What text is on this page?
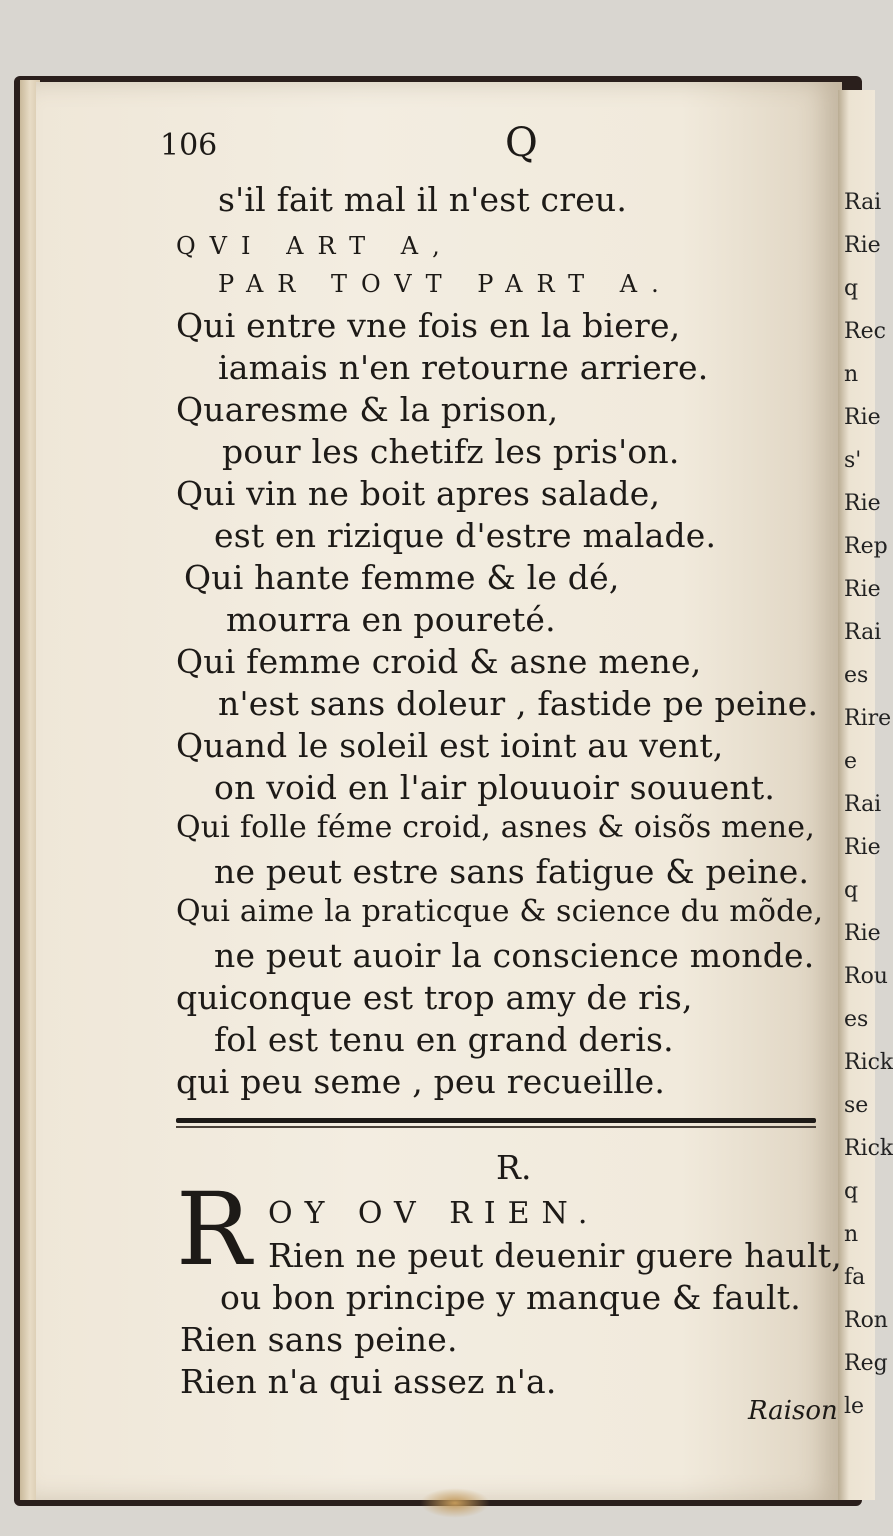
Rai
Rie
q
Rec
n
Rie
s'
Rie
Rep
Rie
Rai
es
Rire
e
Rai
Rie
q
Rie
Rou
es
Rick
se
Rick
q
n
fa
Ron
Reg
le
106	Q
s'il fait mal il n'est creu.
QVI ART A,
PAR TOVT PART A.
Qui entre vne fois en la biere,
iamais n'en retourne arriere.
Quaresme & la prison,
pour les chetifz les pris'on.
Qui vin ne boit apres salade,
est en rizique d'estre malade.
Qui hante femme & le dé,
mourra en poureté.
Qui femme croid & asne mene,
n'est sans doleur , fastide pe peine.
Quand le soleil est ioint au vent,
on void en l'air plouuoir souuent.
Qui folle féme croid, asnes & oisõs mene,
ne peut estre sans fatigue & peine.
Qui aime la praticque & science du mõde,
ne peut auoir la conscience monde.
quiconque est trop amy de ris,
fol est tenu en grand deris.
qui peu seme , peu recueille.
R.
R OY OV RIEN.
Rien ne peut deuenir guere hault,
ou bon principe y manque & fault.
Rien sans peine.
Rien n'a qui assez n'a.
Raison
